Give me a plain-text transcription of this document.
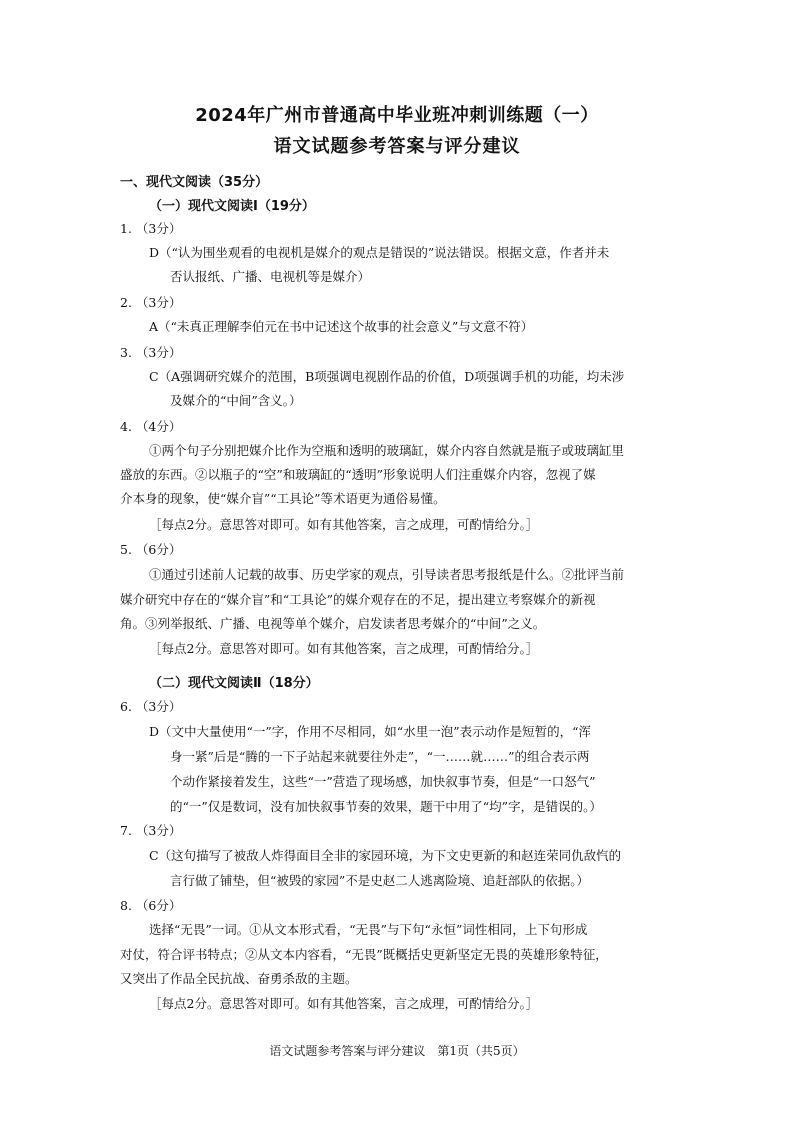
2024年广州市普通高中毕业班冲刺训练题（一）
语文试题参考答案与评分建议
一、现代文阅读（35分）
（一）现代文阅读Ⅰ（19分）
1. （3分）
D（“认为围坐观看的电视机是媒介的观点是错误的”说法错误。根据文意，作者并未
否认报纸、广播、电视机等是媒介）
2. （3分）
A（“未真正理解李伯元在书中记述这个故事的社会意义”与文意不符）
3. （3分）
C（A强调研究媒介的范围，B项强调电视剧作品的价值，D项强调手机的功能，均未涉
及媒介的“中间”含义。）
4. （4分）
①两个句子分别把媒介比作为空瓶和透明的玻璃缸，媒介内容自然就是瓶子或玻璃缸里
盛放的东西。②以瓶子的“空”和玻璃缸的“透明”形象说明人们注重媒介内容，忽视了媒
介本身的现象，使“媒介盲”“工具论”等术语更为通俗易懂。
［每点2分。意思答对即可。如有其他答案，言之成理，可酌情给分。］
5. （6分）
①通过引述前人记载的故事、历史学家的观点，引导读者思考报纸是什么。②批评当前
媒介研究中存在的“媒介盲”和“工具论”的媒介观存在的不足，提出建立考察媒介的新视
角。③列举报纸、广播、电视等单个媒介，启发读者思考媒介的“中间”之义。
［每点2分。意思答对即可。如有其他答案，言之成理，可酌情给分。］
（二）现代文阅读Ⅱ（18分）
6. （3分）
D（文中大量使用“一”字，作用不尽相同，如“水里一泡”表示动作是短暂的，“浑
身一紧”后是“腾的一下子站起来就要往外走”，“一……就……”的组合表示两
个动作紧接着发生，这些“一”营造了现场感，加快叙事节奏，但是“一口怒气”
的“一”仅是数词，没有加快叙事节奏的效果，题干中用了“均”字，是错误的。）
7. （3分）
C（这句描写了被敌人炸得面目全非的家园环境，为下文史更新的和赵连荣同仇敌忾的
言行做了铺垫，但“被毁的家园”不是史赵二人逃离险境、追赶部队的依据。）
8. （6分）
选择“无畏”一词。①从文本形式看，“无畏”与下句“永恒”词性相同，上下句形成
对仗，符合评书特点；②从文本内容看，“无畏”既概括史更新坚定无畏的英雄形象特征，
又突出了作品全民抗战、奋勇杀敌的主题。
［每点2分。意思答对即可。如有其他答案，言之成理，可酌情给分。］
语文试题参考答案与评分建议　第1页（共5页）
